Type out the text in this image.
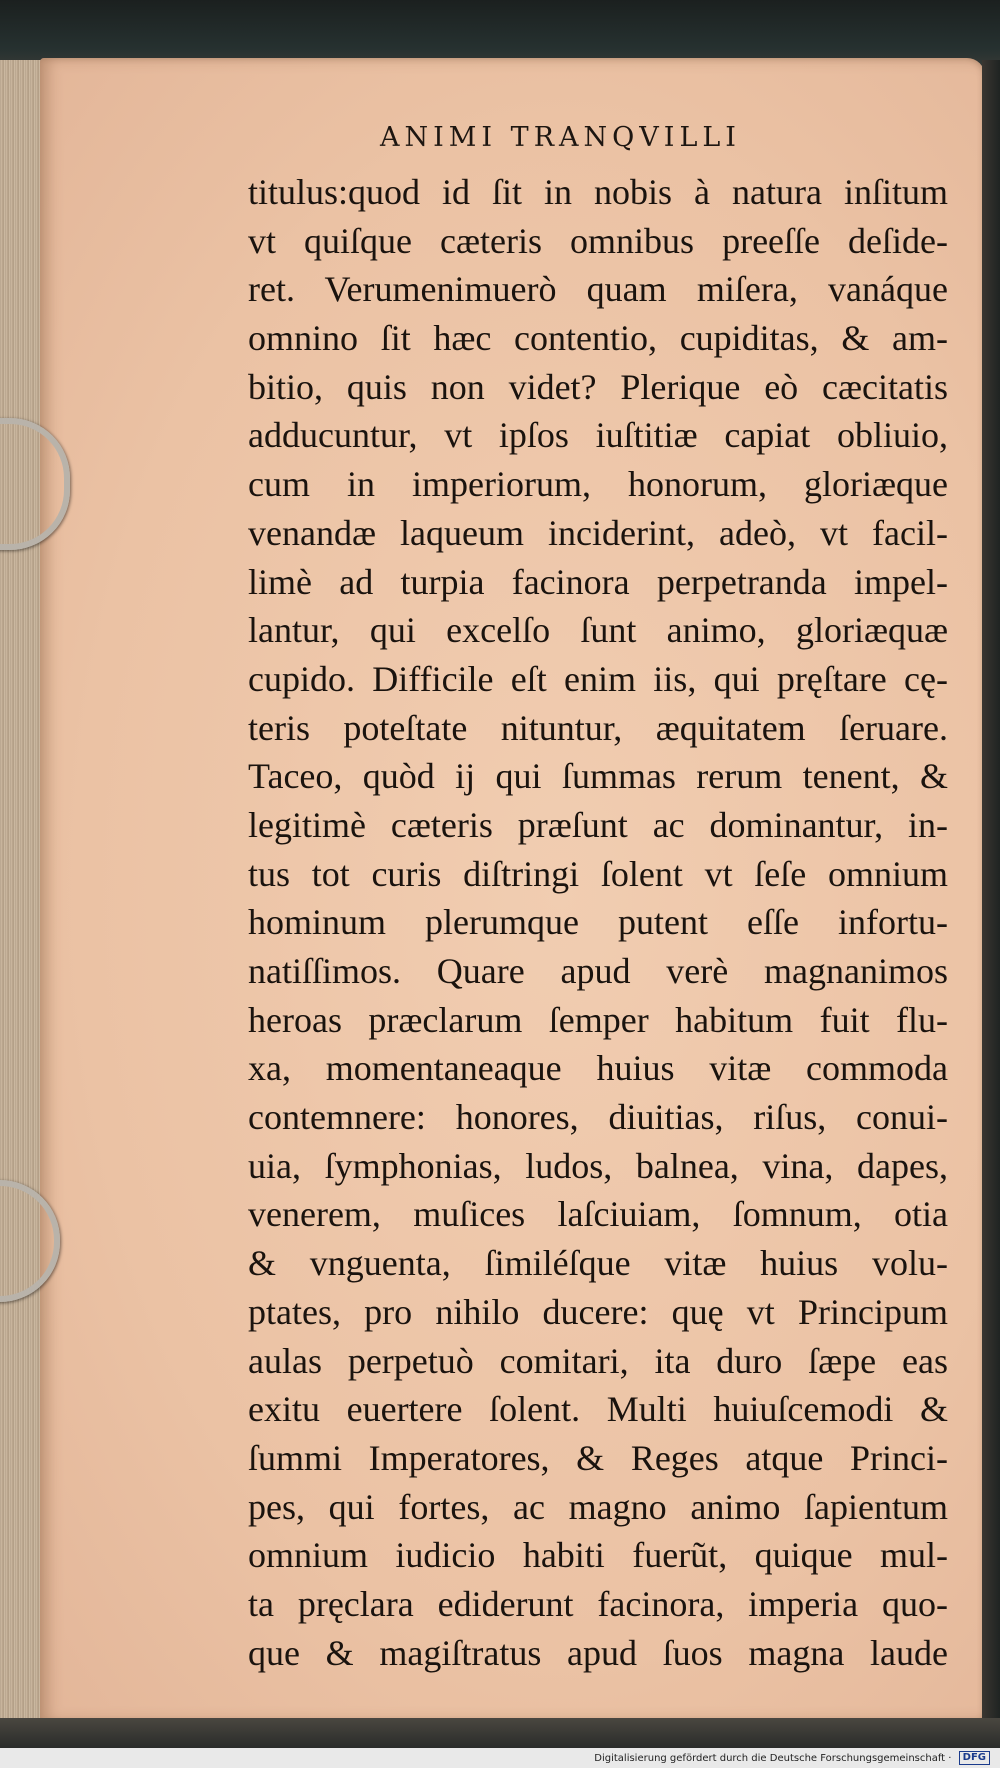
ANIMI TRANQVILLI
titulus:quod id ſit in nobis à natura inſitum
vt quiſque cæteris omnibus preeſſe deſide-
ret. Verumenimuerò quam miſera, vanáque
omnino ſit hæc contentio, cupiditas, & am-
bitio, quis non videt? Plerique eò cæcitatis
adducuntur, vt ipſos iuſtitiæ capiat obliuio,
cum in imperiorum, honorum, gloriæque
venandæ laqueum inciderint, adeò, vt facil-
limè ad turpia facinora perpetranda impel-
lantur, qui excelſo ſunt animo, gloriæquæ
cupido. Difficile eſt enim iis, qui pręſtare cę-
teris poteſtate nituntur, æquitatem ſeruare.
Taceo, quòd ij qui ſummas rerum tenent, &
legitimè cæteris præſunt ac dominantur, in-
tus tot curis diſtringi ſolent vt ſeſe omnium
hominum plerumque putent eſſe infortu-
natiſſimos. Quare apud verè magnanimos
heroas præclarum ſemper habitum fuit flu-
xa, momentaneaque huius vitæ commoda
contemnere: honores, diuitias, riſus, conui-
uia, ſymphonias, ludos, balnea, vina, dapes,
venerem, muſices laſciuiam, ſomnum, otia
& vnguenta, ſimiléſque vitæ huius volu-
ptates, pro nihilo ducere: quę vt Principum
aulas perpetuò comitari, ita duro ſæpe eas
exitu euertere ſolent. Multi huiuſcemodi &
ſummi Imperatores, & Reges atque Princi-
pes, qui fortes, ac magno animo ſapientum
omnium iudicio habiti fuerũt, quique mul-
ta pręclara ediderunt facinora, imperia quo-
que & magiſtratus apud ſuos magna laude
Digitalisierung gefördert durch die Deutsche Forschungsgemeinschaft · DFG
